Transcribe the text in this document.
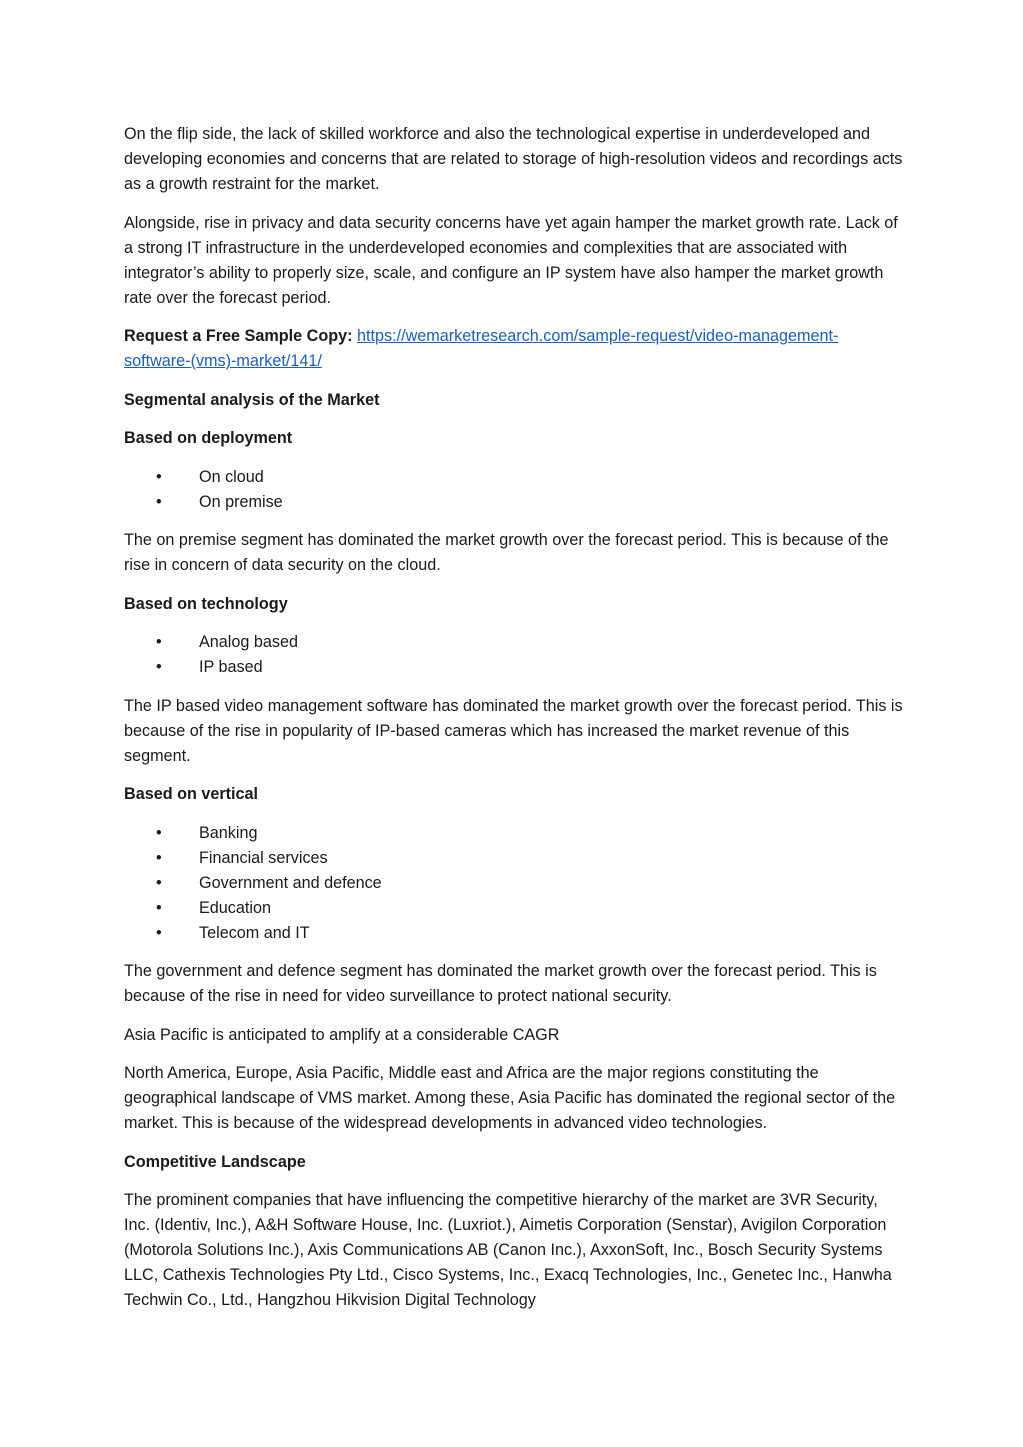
On the flip side, the lack of skilled workforce and also the technological expertise in underdeveloped and developing economies and concerns that are related to storage of high-resolution videos and recordings acts as a growth restraint for the market.

Alongside, rise in privacy and data security concerns have yet again hamper the market growth rate. Lack of a strong IT infrastructure in the underdeveloped economies and complexities that are associated with integrator’s ability to properly size, scale, and configure an IP system have also hamper the market growth rate over the forecast period.

Request a Free Sample Copy: https://wemarketresearch.com/sample-request/video-management-software-(vms)-market/141/

Segmental analysis of the Market

Based on deployment

• On cloud
• On premise

The on premise segment has dominated the market growth over the forecast period. This is because of the rise in concern of data security on the cloud.

Based on technology

• Analog based
• IP based

The IP based video management software has dominated the market growth over the forecast period. This is because of the rise in popularity of IP-based cameras which has increased the market revenue of this segment.

Based on vertical

• Banking
• Financial services
• Government and defence
• Education
• Telecom and IT

The government and defence segment has dominated the market growth over the forecast period. This is because of the rise in need for video surveillance to protect national security.

Asia Pacific is anticipated to amplify at a considerable CAGR

North America, Europe, Asia Pacific, Middle east and Africa are the major regions constituting the geographical landscape of VMS market. Among these, Asia Pacific has dominated the regional sector of the market. This is because of the widespread developments in advanced video technologies.

Competitive Landscape

The prominent companies that have influencing the competitive hierarchy of the market are 3VR Security, Inc. (Identiv, Inc.), A&H Software House, Inc. (Luxriot.), Aimetis Corporation (Senstar), Avigilon Corporation (Motorola Solutions Inc.), Axis Communications AB (Canon Inc.), AxxonSoft, Inc., Bosch Security Systems LLC, Cathexis Technologies Pty Ltd., Cisco Systems, Inc., Exacq Technologies, Inc., Genetec Inc., Hanwha Techwin Co., Ltd., Hangzhou Hikvision Digital Technology
